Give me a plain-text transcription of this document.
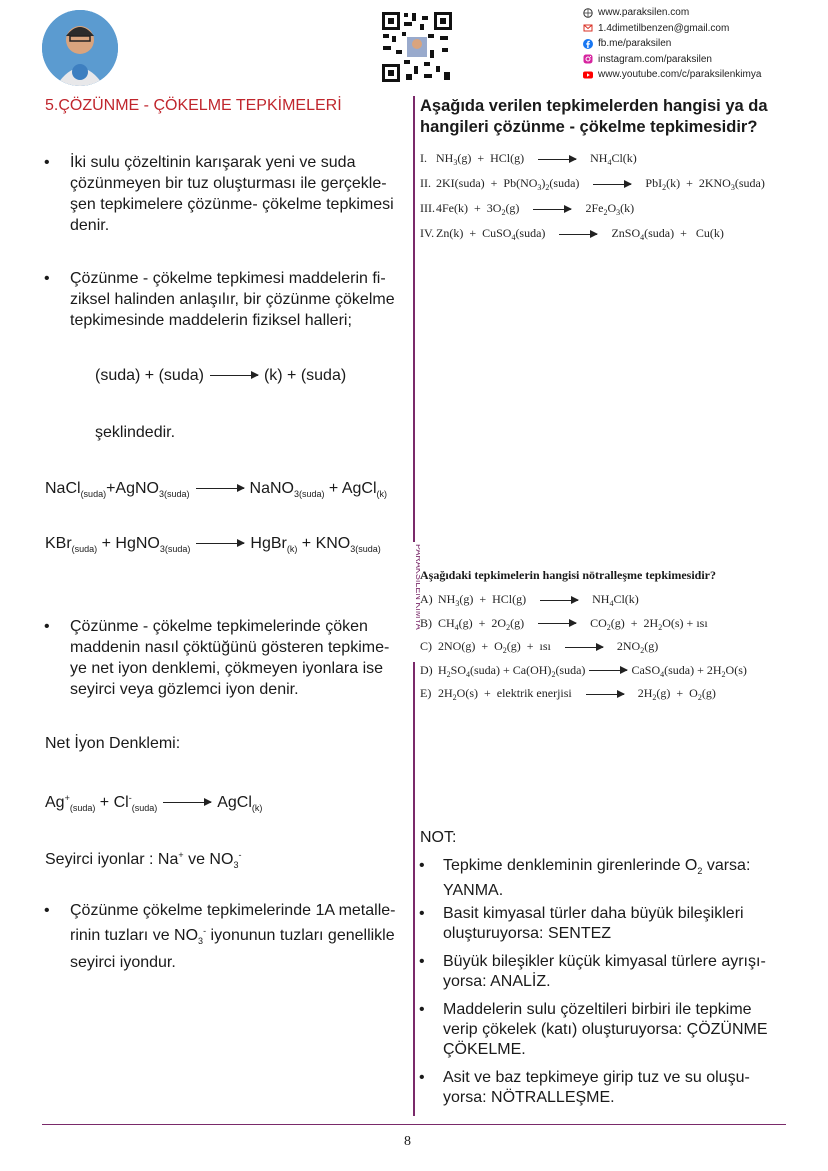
www.paraksilen.com
1.4dimetilbenzen@gmail.com
fb.me/paraksilen
instagram.com/paraksilen
www.youtube.com/c/paraksilenkimya
5.ÇÖZÜNME - ÇÖKELME TEPKİMELERİ
• İki sulu çözeltinin karışarak yeni ve suda
çözünmeyen bir tuz oluşturması ile gerçekle-
şen tepkimelere çözünme- çökelme tepkimesi
denir.
• Çözünme - çökelme tepkimesi maddelerin fi-
ziksel halinden anlaşılır, bir çözünme çökelme
tepkimesinde maddelerin fiziksel halleri;
(suda) + (suda) → (k) + (suda)
şeklindedir.
NaCl$_{(suda)}$+AgNO$_{3(suda)}$ → NaNO$_{3(suda)}$ + AgCl$_{(k)}$
KBr$_{(suda)}$ + HgNO$_{3(suda)}$ → HgBr$_{(k)}$ + $KNO_{3(suda)}$
• Çözünme - çökelme tepkimelerinde çöken
maddenin nasıl çöktüğünü gösteren tepkime-
ye net iyon denklemi, çökmeyen iyonlara ise
seyirci veya gözlemci iyon denir.
Net İyon Denklemi:
$Ag^+_{(suda)} + Cl^-_{(suda)}$ → AgCl$_{(k)}$
Seyirci iyonlar : Na+ ve $NO_3^-$
• Çözünme çökelme tepkimelerinde 1A metalle-
rinin tuzları ve $NO_3^-$ iyonunun tuzları genellikle
seyirci iyondur.
PARAKSİLEN KİMYA
Aşağıda verilen tepkimelerden hangisi ya da hangileri çözünme - çökelme tepkimesidir?
I. $NH_3(g) + HCl(g) \to NH_4Cl(k)$
II. 2KI(suda)  +  $Pb(NO_3)_2(suda) \to PbI_2(k)$  +  $2KNO_3(suda)$
$III.4Fe(k) + 3O_2(g) \to 2Fe_2O_3(k)$
IV. Zn(k)  +  CuSO$_4$(suda) → ZnSO$_4$(suda)  +   Cu(k)
Aşağıdaki tepkimelerin hangisi nötralleşme tepkimesidir?
A) $NH_3(g) + HCl(g) \to NH_4Cl(k)$
B) $CH_4(g) + 2O_2(g) \to CO_2(g) + 2H_2O(s)$ + ısı
C) $2NO(g) + O_2(g)$  +  ısı → $2NO_2(g)$
D) $H_2SO_4(suda)$ + $Ca(OH)_2(suda)$ → CaSO$_4$(suda) + $2H_2O(s)$
E) $2H_2O(s)$  +  elektrik enerjisi → $2H_2(g) + O_2(g)$
NOT:
• Tepkime denkleminin girenlerinde $O_2$ varsa:
YANMA.
• Basit kimyasal türler daha büyük bileşikleri
oluşturuyorsa: SENTEZ
• Büyük bileşikler küçük kimyasal türlere ayrışı-
yorsa: ANALİZ.
• Maddelerin sulu çözeltileri birbiri ile tepkime
verip çökelek (katı) oluşturuyorsa: ÇÖZÜNME
ÇÖKELME.
• Asit ve baz tepkimeye girip tuz ve su oluşu-
yorsa: NÖTRALLEŞME.
8
